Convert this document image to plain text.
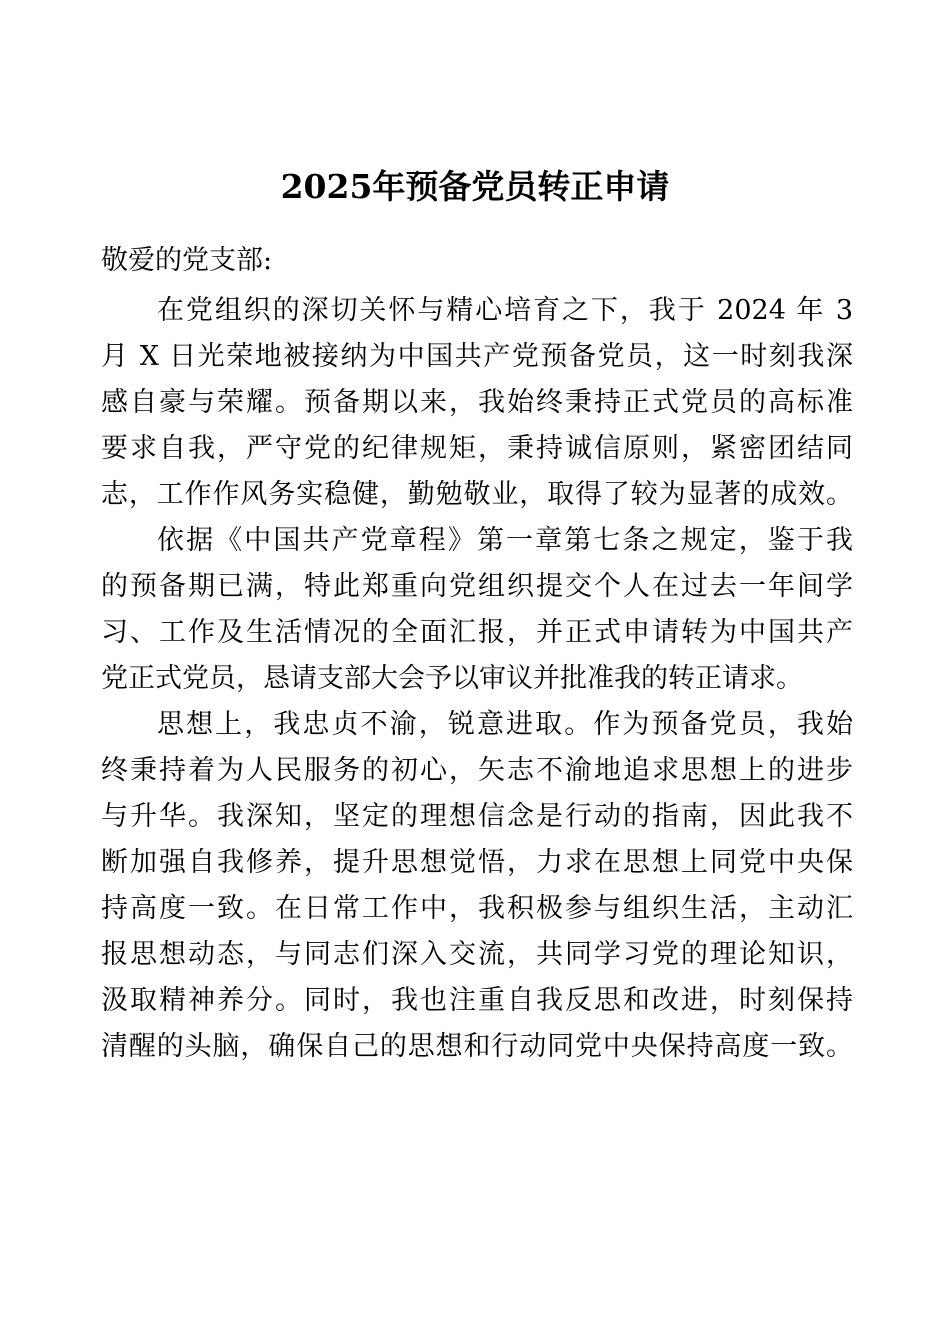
2025年预备党员转正申请
敬爱的党支部:
在党组织的深切关怀与精心培育之下，我于 2024 年 3
月 X 日光荣地被接纳为中国共产党预备党员，这一时刻我深
感自豪与荣耀。预备期以来，我始终秉持正式党员的高标准
要求自我，严守党的纪律规矩，秉持诚信原则，紧密团结同
志，工作作风务实稳健，勤勉敬业，取得了较为显著的成效。
依据《中国共产党章程》第一章第七条之规定，鉴于我
的预备期已满，特此郑重向党组织提交个人在过去一年间学
习、工作及生活情况的全面汇报，并正式申请转为中国共产
党正式党员，恳请支部大会予以审议并批准我的转正请求。
思想上，我忠贞不渝，锐意进取。作为预备党员，我始
终秉持着为人民服务的初心，矢志不渝地追求思想上的进步
与升华。我深知，坚定的理想信念是行动的指南，因此我不
断加强自我修养，提升思想觉悟，力求在思想上同党中央保
持高度一致。在日常工作中，我积极参与组织生活，主动汇
报思想动态，与同志们深入交流，共同学习党的理论知识，
汲取精神养分。同时，我也注重自我反思和改进，时刻保持
清醒的头脑，确保自己的思想和行动同党中央保持高度一致。
